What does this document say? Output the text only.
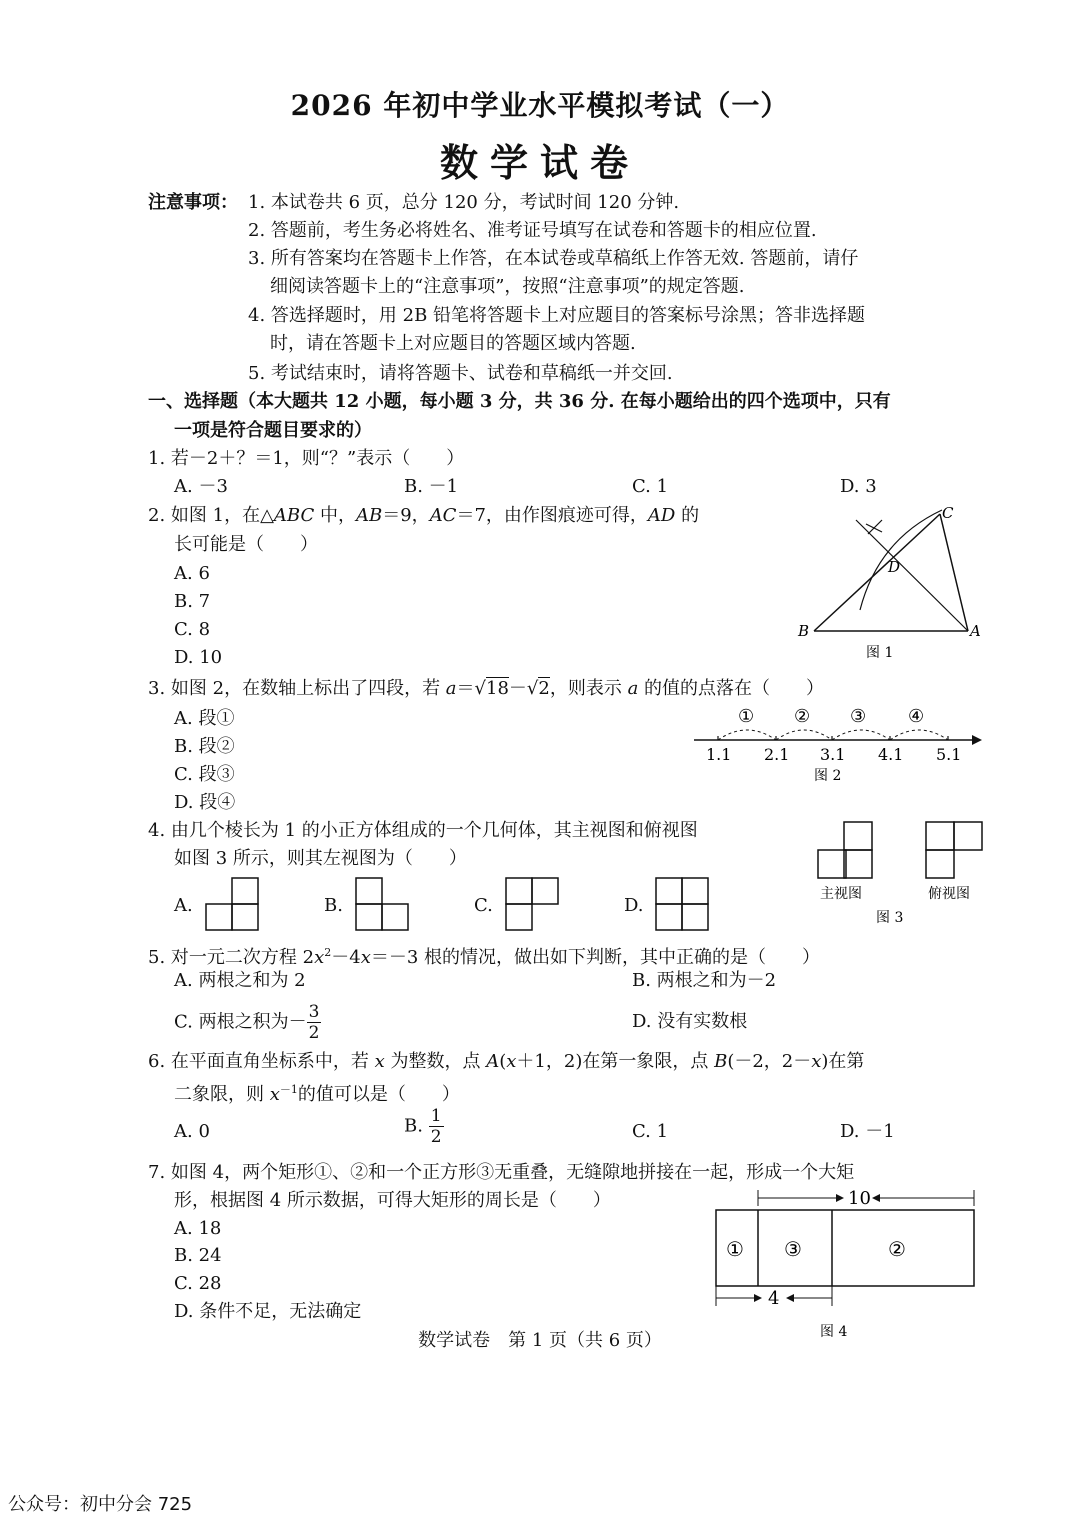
2026 年初中学业水平模拟考试（一）
数学试卷
注意事项： 1. 本试卷共 6 页，总分 120 分，考试时间 120 分钟.
2. 答题前，考生务必将姓名、准考证号填写在试卷和答题卡的相应位置.
3. 所有答案均在答题卡上作答，在本试卷或草稿纸上作答无效. 答题前，请仔
细阅读答题卡上的“注意事项”，按照“注意事项”的规定答题.
4. 答选择题时，用 2B 铅笔将答题卡上对应题目的答案标号涂黑；答非选择题
时，请在答题卡上对应题目的答题区域内答题.
5. 考试结束时，请将答题卡、试卷和草稿纸一并交回.
一、选择题（本大题共 12 小题，每小题 3 分，共 36 分. 在每小题给出的四个选项中，只有
一项是符合题目要求的）
1. 若－2＋？＝1，则“？”表示（　　）
A. －3	B. －1	C. 1	D. 3
2. 如图 1，在△ABC 中，AB＝9，AC＝7，由作图痕迹可得，AD 的
长可能是（　　）
A. 6
B. 7
C. 8
D. 10
B	A
C
D
图 1
3. 如图 2，在数轴上标出了四段，若 a＝√18－√2，则表示 a 的值的点落在（　　）
A. 段①
B. 段②
C. 段③
D. 段④
① ② ③ ④
1.1 2.1 3.1 4.1 5.1
图 2
4. 由几个棱长为 1 的小正方体组成的一个几何体，其主视图和俯视图
如图 3 所示，则其左视图为（　　）
A.	B.	C.	D.
主视图	俯视图
图 3
5. 对一元二次方程 $2x^2-4x=-3$ 根的情况，做出如下判断，其中正确的是（　　）
A. 两根之和为 2	B. 两根之和为－2
C. 两根之积为－ $\frac{3}{2}$	D. 没有实数根
6. 在平面直角坐标系中，若 x 为整数，点 A(x＋1，2)在第一象限，点 B(－2，2－x)在第
二象限，则 $x^{-1}$的值可以是（　　）
A. 0	B. $\frac{1}{2}$	C. 1	D. －1
7. 如图 4，两个矩形①、②和一个正方形③无重叠，无缝隙地拼接在一起，形成一个大矩
形，根据图 4 所示数据，可得大矩形的周长是（　　）
A. 18
B. 24
C. 28
D. 条件不足，无法确定
10
① ③	②
4
图 4
数学试卷　第 1 页（共 6 页）
公众号：初中分会 725
